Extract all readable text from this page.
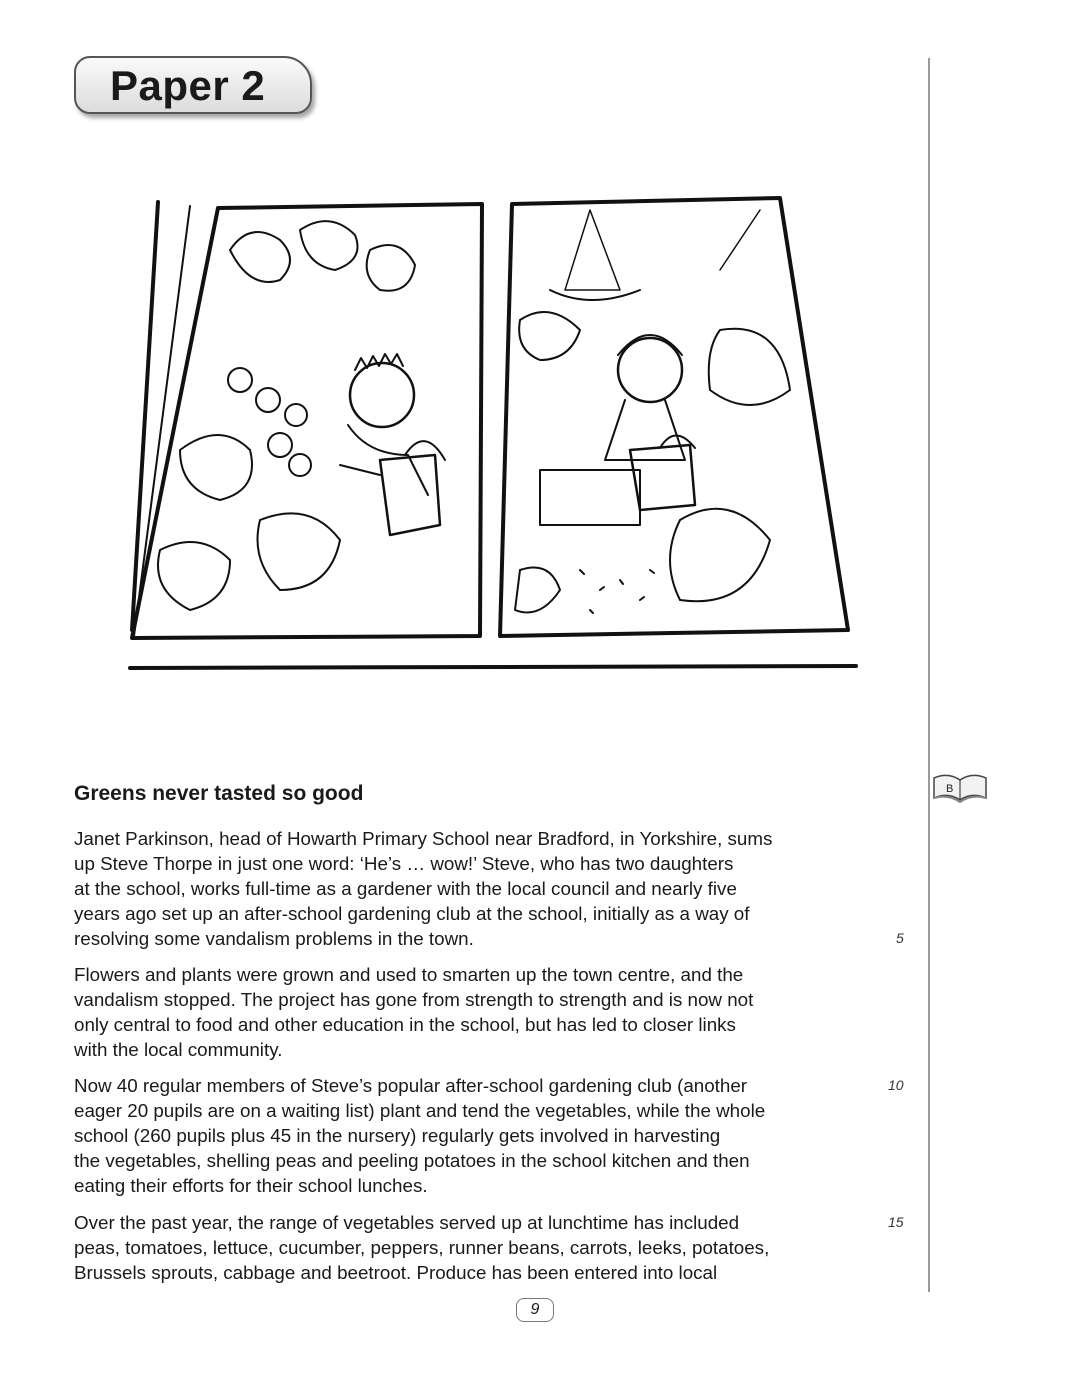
Paper 2
B
Greens never tasted so good

Janet Parkinson, head of Howarth Primary School near Bradford, in Yorkshire, sums
up Steve Thorpe in just one word: ‘He’s … wow!’ Steve, who has two daughters
at the school, works full-time as a gardener with the local council and nearly five
years ago set up an after-school gardening club at the school, initially as a way of
resolving some vandalism problems in the town.

Flowers and plants were grown and used to smarten up the town centre, and the
vandalism stopped. The project has gone from strength to strength and is now not
only central to food and other education in the school, but has led to closer links
with the local community.

Now 40 regular members of Steve’s popular after-school gardening club (another
eager 20 pupils are on a waiting list) plant and tend the vegetables, while the whole
school (260 pupils plus 45 in the nursery) regularly gets involved in harvesting
the vegetables, shelling peas and peeling potatoes in the school kitchen and then
eating their efforts for their school lunches.

Over the past year, the range of vegetables served up at lunchtime has included
peas, tomatoes, lettuce, cucumber, peppers, runner beans, carrots, leeks, potatoes,
Brussels sprouts, cabbage and beetroot. Produce has been entered into local

5
10
15
9
